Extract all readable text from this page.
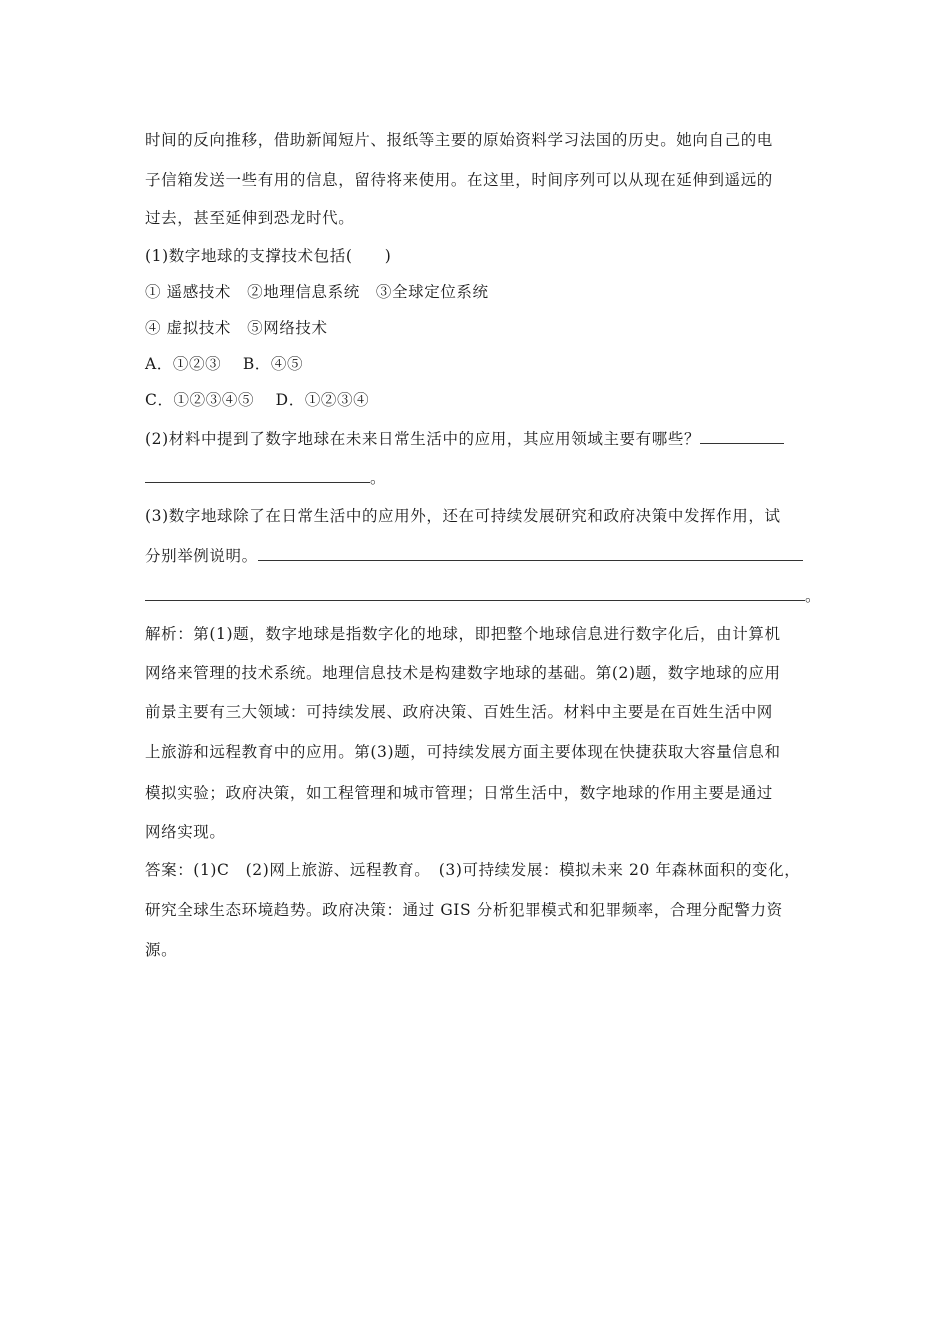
时间的反向推移，借助新闻短片、报纸等主要的原始资料学习法国的历史。她向自己的电
子信箱发送一些有用的信息，留待将来使用。在这里，时间序列可以从现在延伸到遥远的
过去，甚至延伸到恐龙时代。
(1)数字地球的支撑技术包括(　　)
① 遥感技术　②地理信息系统　③全球定位系统
④ 虚拟技术　⑤网络技术
A．①②③　 B．④⑤
C．①②③④⑤　 D．①②③④
(2)材料中提到了数字地球在未来日常生活中的应用，其应用领域主要有哪些？
。
(3)数字地球除了在日常生活中的应用外，还在可持续发展研究和政府决策中发挥作用，试
分别举例说明。
。
解析：第(1)题，数字地球是指数字化的地球，即把整个地球信息进行数字化后，由计算机
网络来管理的技术系统。地理信息技术是构建数字地球的基础。第(2)题，数字地球的应用
前景主要有三大领域：可持续发展、政府决策、百姓生活。材料中主要是在百姓生活中网
上旅游和远程教育中的应用。第(3)题，可持续发展方面主要体现在快捷获取大容量信息和
模拟实验；政府决策，如工程管理和城市管理；日常生活中，数字地球的作用主要是通过
网络实现。
答案：(1)C　(2)网上旅游、远程教育。　(3)可持续发展：模拟未来 20 年森林面积的变化，
研究全球生态环境趋势。政府决策：通过 GIS 分析犯罪模式和犯罪频率，合理分配警力资
源。
